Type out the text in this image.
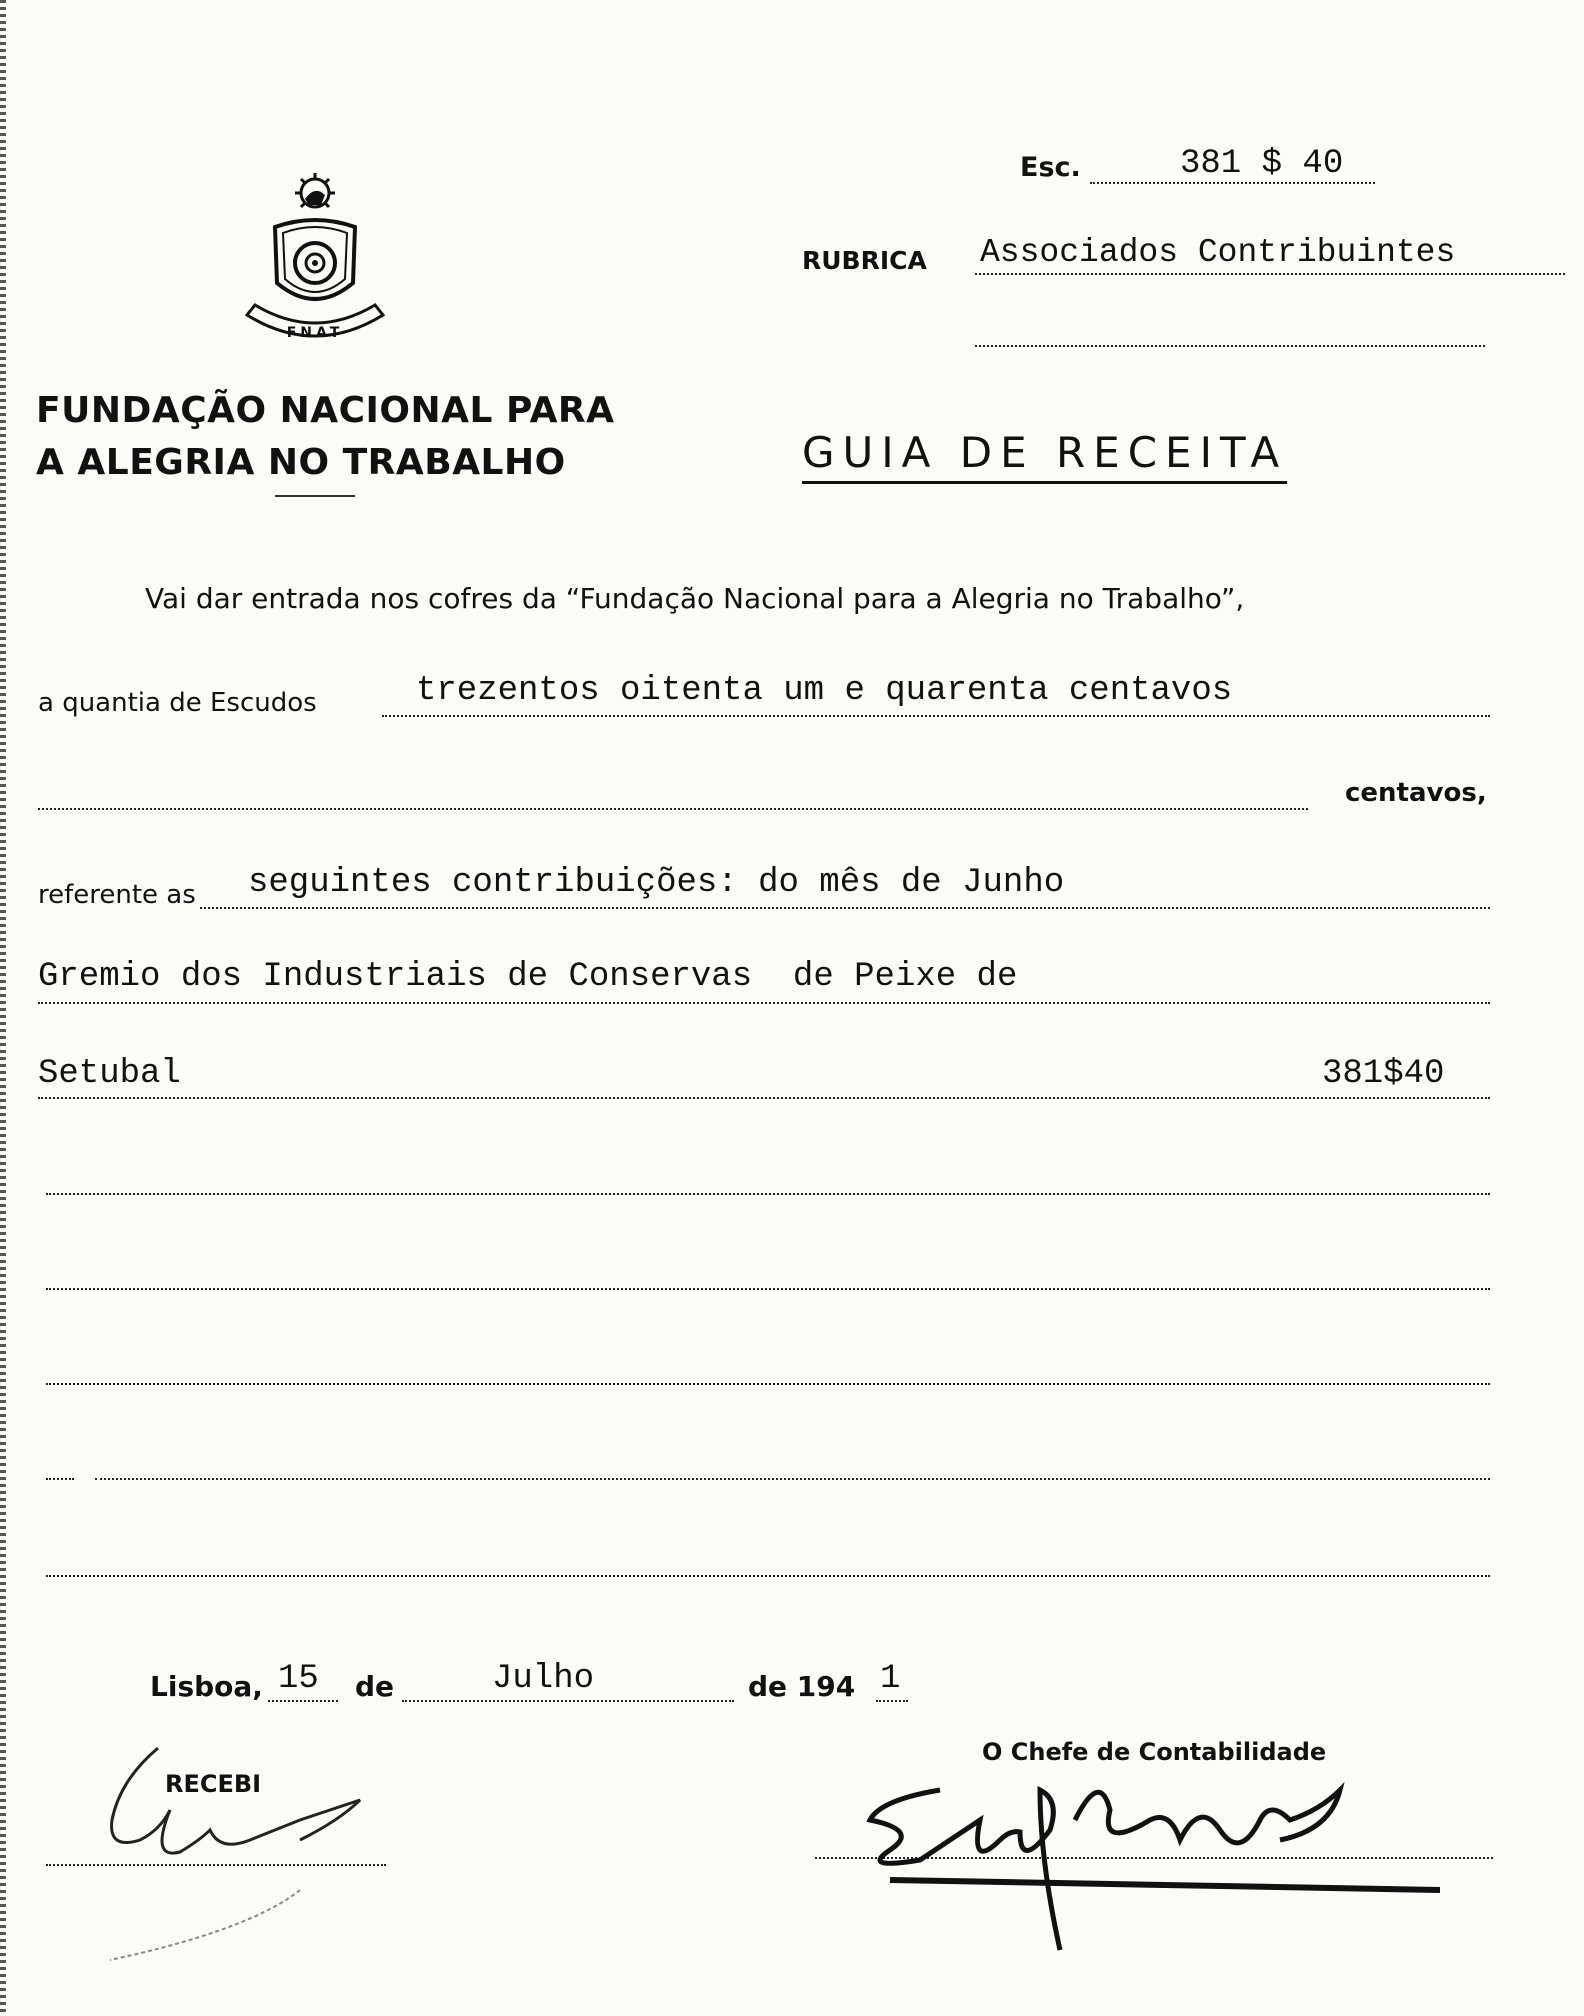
FNAT
FUNDAÇÃO NACIONAL PARA
A ALEGRIA NO TRABALHO
Esc.	381 $ 40
RUBRICA Associados Contribuintes
GUIA DE RECEITA
Vai dar entrada nos cofres da “Fundação Nacional para a Alegria no Trabalho”,
a quantia de Escudos	trezentos oitenta um e quarenta centavos
centavos,
referente as seguintes contribuições: do mês de Junho
Gremio dos Industriais de Conservas  de Peixe de
Setubal	381$40
Lisboa, 15 de	Julho	de 194 1
RECEBI
O Chefe de Contabilidade
